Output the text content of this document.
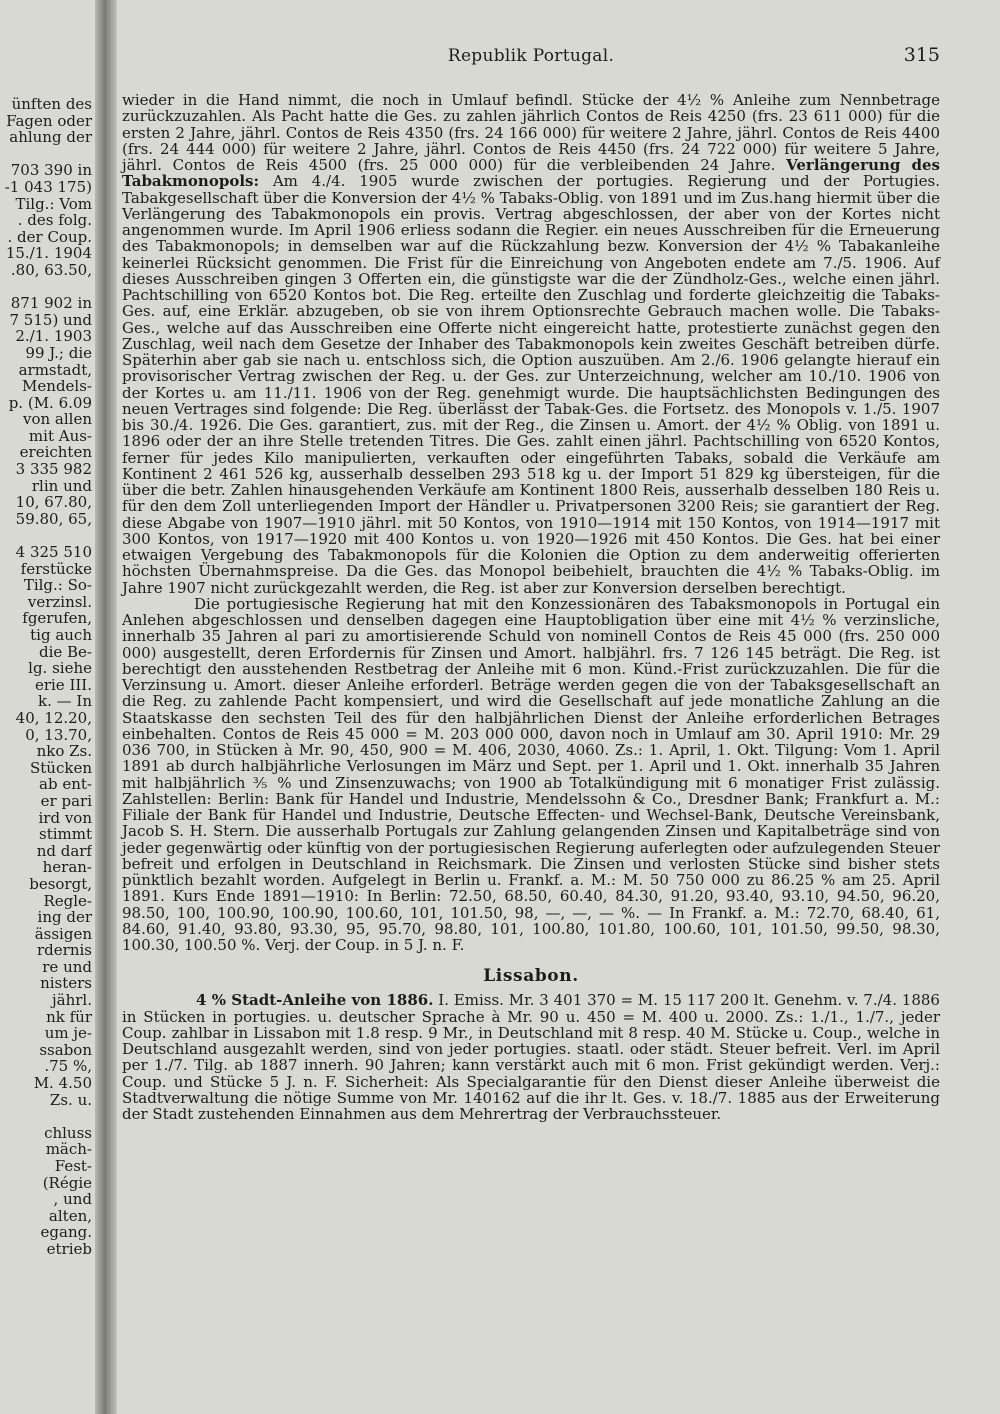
ünften des
Fagen oder
ahlung der
703 390 in
-1 043 175)
Tilg.: Vom
. des folg.
. der Coup.
15./1. 1904
.80, 63.50,
871 902 in
7 515) und
2./1. 1903
99 J.; die
armstadt,
Mendels-
p. (M. 6.09
von allen
mit Aus-
ereichten
3 335 982
rlin und
10, 67.80,
59.80, 65,
4 325 510
ferstücke
Tilg.: So-
verzinsl.
fgerufen,
tig auch
die Be-
lg. siehe
erie III.
k. — In
40, 12.20,
0, 13.70,
nko Zs.
Stücken
ab ent-
er pari
ird von
stimmt
nd darf
heran-
besorgt,
Regle-
ing der
ässigen
rdernis
re und
nisters
jährl.
nk für
um je-
ssabon
.75 %,
M. 4.50
Zs. u.
chluss
mäch-
Fest-
(Régie
, und
alten,
egang.
etrieb
Republik Portugal.	315

wieder in die Hand nimmt, die noch in Umlauf befindl. Stücke der 4½ % Anleihe zum Nennbetrage zurückzuzahlen. Als Pacht hatte die Ges. zu zahlen jährlich Contos de Reis 4250 (frs. 23 611 000) für die ersten 2 Jahre, jährl. Contos de Reis 4350 (frs. 24 166 000) für weitere 2 Jahre, jährl. Contos de Reis 4400 (frs. 24 444 000) für weitere 2 Jahre, jährl. Contos de Reis 4450 (frs. 24 722 000) für weitere 5 Jahre, jährl. Contos de Reis 4500 (frs. 25 000 000) für die verbleibenden 24 Jahre. Verlängerung des Tabakmonopols: Am 4./4. 1905 wurde zwischen der portugies. Regierung und der Portugies. Tabakgesellschaft über die Konversion der 4½ % Tabaks-Oblig. von 1891 und im Zus.hang hiermit über die Verlängerung des Tabakmonopols ein provis. Vertrag abgeschlossen, der aber von der Kortes nicht angenommen wurde. Im April 1906 erliess sodann die Regier. ein neues Ausschreiben für die Erneuerung des Tabakmonopols; in demselben war auf die Rückzahlung bezw. Konversion der 4½ % Tabakanleihe keinerlei Rücksicht genommen. Die Frist für die Einreichung von Angeboten endete am 7./5. 1906. Auf dieses Ausschreiben gingen 3 Offerten ein, die günstigste war die der Zündholz-Ges., welche einen jährl. Pachtschilling von 6520 Kontos bot. Die Reg. erteilte den Zuschlag und forderte gleichzeitig die Tabaks-Ges. auf, eine Erklär. abzugeben, ob sie von ihrem Optionsrechte Gebrauch machen wolle. Die Tabaks-Ges., welche auf das Ausschreiben eine Offerte nicht eingereicht hatte, protestierte zunächst gegen den Zuschlag, weil nach dem Gesetze der Inhaber des Tabakmonopols kein zweites Geschäft betreiben dürfe. Späterhin aber gab sie nach u. entschloss sich, die Option auszuüben. Am 2./6. 1906 gelangte hierauf ein provisorischer Vertrag zwischen der Reg. u. der Ges. zur Unterzeichnung, welcher am 10./10. 1906 von der Kortes u. am 11./11. 1906 von der Reg. genehmigt wurde. Die hauptsächlichsten Bedingungen des neuen Vertrages sind folgende: Die Reg. überlässt der Tabak-Ges. die Fortsetz. des Monopols v. 1./5. 1907 bis 30./4. 1926. Die Ges. garantiert, zus. mit der Reg., die Zinsen u. Amort. der 4½ % Oblig. von 1891 u. 1896 oder der an ihre Stelle tretenden Titres. Die Ges. zahlt einen jährl. Pachtschilling von 6520 Kontos, ferner für jedes Kilo manipulierten, verkauften oder eingeführten Tabaks, sobald die Verkäufe am Kontinent 2 461 526 kg, ausserhalb desselben 293 518 kg u. der Import 51 829 kg übersteigen, für die über die betr. Zahlen hinausgehenden Verkäufe am Kontinent 1800 Reis, ausserhalb desselben 180 Reis u. für den dem Zoll unterliegenden Import der Händler u. Privatpersonen 3200 Reis; sie garantiert der Reg. diese Abgabe von 1907—1910 jährl. mit 50 Kontos, von 1910—1914 mit 150 Kontos, von 1914—1917 mit 300 Kontos, von 1917—1920 mit 400 Kontos u. von 1920—1926 mit 450 Kontos. Die Ges. hat bei einer etwaigen Vergebung des Tabakmonopols für die Kolonien die Option zu dem anderweitig offerierten höchsten Übernahmspreise. Da die Ges. das Monopol beibehielt, brauchten die 4½ % Tabaks-Oblig. im Jahre 1907 nicht zurückgezahlt werden, die Reg. ist aber zur Konversion derselben berechtigt.

Die portugiesische Regierung hat mit den Konzessionären des Tabaksmonopols in Portugal ein Anlehen abgeschlossen und denselben dagegen eine Hauptobligation über eine mit 4½ % verzinsliche, innerhalb 35 Jahren al pari zu amortisierende Schuld von nominell Contos de Reis 45 000 (frs. 250 000 000) ausgestellt, deren Erfordernis für Zinsen und Amort. halbjährl. frs. 7 126 145 beträgt. Die Reg. ist berechtigt den ausstehenden Restbetrag der Anleihe mit 6 mon. Künd.-Frist zurückzuzahlen. Die für die Verzinsung u. Amort. dieser Anleihe erforderl. Beträge werden gegen die von der Tabaksgesellschaft an die Reg. zu zahlende Pacht kompensiert, und wird die Gesellschaft auf jede monatliche Zahlung an die Staatskasse den sechsten Teil des für den halbjährlichen Dienst der Anleihe erforderlichen Betrages einbehalten. Contos de Reis 45 000 = M. 203 000 000, davon noch in Umlauf am 30. April 1910: Mr. 29 036 700, in Stücken à Mr. 90, 450, 900 = M. 406, 2030, 4060. Zs.: 1. April, 1. Okt. Tilgung: Vom 1. April 1891 ab durch halbjährliche Verlosungen im März und Sept. per 1. April und 1. Okt. innerhalb 35 Jahren mit halbjährlich ⅗ % und Zinsenzuwachs; von 1900 ab Totalkündigung mit 6 monatiger Frist zulässig. Zahlstellen: Berlin: Bank für Handel und Industrie, Mendelssohn & Co., Dresdner Bank; Frankfurt a. M.: Filiale der Bank für Handel und Industrie, Deutsche Effecten- und Wechsel-Bank, Deutsche Vereinsbank, Jacob S. H. Stern. Die ausserhalb Portugals zur Zahlung gelangenden Zinsen und Kapitalbeträge sind von jeder gegenwärtig oder künftig von der portugiesischen Regierung auferlegten oder aufzulegenden Steuer befreit und erfolgen in Deutschland in Reichsmark. Die Zinsen und verlosten Stücke sind bisher stets pünktlich bezahlt worden. Aufgelegt in Berlin u. Frankf. a. M.: M. 50 750 000 zu 86.25 % am 25. April 1891. Kurs Ende 1891—1910: In Berlin: 72.50, 68.50, 60.40, 84.30, 91.20, 93.40, 93.10, 94.50, 96.20, 98.50, 100, 100.90, 100.90, 100.60, 101, 101.50, 98, —, —, — %. — In Frankf. a. M.: 72.70, 68.40, 61, 84.60, 91.40, 93.80, 93.30, 95, 95.70, 98.80, 101, 100.80, 101.80, 100.60, 101, 101.50, 99.50, 98.30, 100.30, 100.50 %. Verj. der Coup. in 5 J. n. F.

Lissabon.

4 % Stadt-Anleihe von 1886. I. Emiss. Mr. 3 401 370 = M. 15 117 200 lt. Genehm. v. 7./4. 1886 in Stücken in portugies. u. deutscher Sprache à Mr. 90 u. 450 = M. 400 u. 2000. Zs.: 1./1., 1./7., jeder Coup. zahlbar in Lissabon mit 1.8 resp. 9 Mr., in Deutschland mit 8 resp. 40 M. Stücke u. Coup., welche in Deutschland ausgezahlt werden, sind von jeder portugies. staatl. oder städt. Steuer befreit. Verl. im April per 1./7. Tilg. ab 1887 innerh. 90 Jahren; kann verstärkt auch mit 6 mon. Frist gekündigt werden. Verj.: Coup. und Stücke 5 J. n. F. Sicherheit: Als Specialgarantie für den Dienst dieser Anleihe überweist die Stadtverwaltung die nötige Summe von Mr. 140162 auf die ihr lt. Ges. v. 18./7. 1885 aus der Erweiterung der Stadt zustehenden Einnahmen aus dem Mehrertrag der Verbrauchssteuer.
